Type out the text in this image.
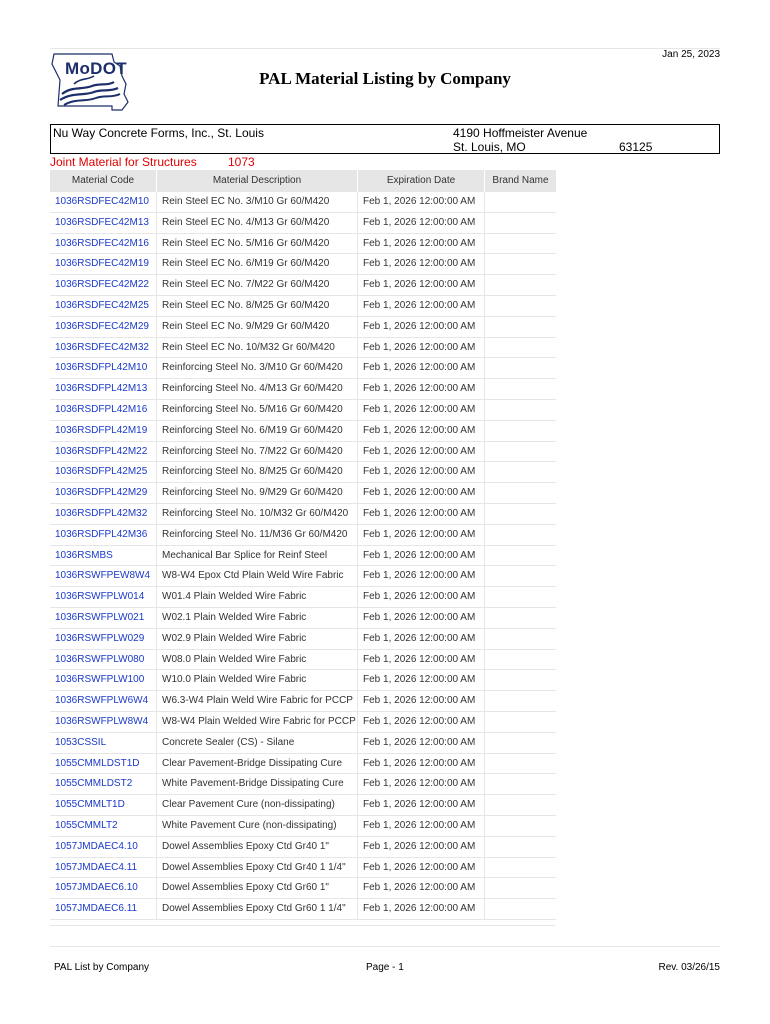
Jan 25, 2023
MoDOT
PAL Material Listing by Company
Nu Way Concrete Forms, Inc., St. Louis	4190 Hoffmeister Avenue
St. Louis, MO	63125
Joint Material for Structures	1073
Material Code	Material Description	Expiration Date	Brand Name
1036RSDFEC42M10	Rein Steel EC No. 3/M10 Gr 60/M420	Feb 1, 2026 12:00:00 AM
1036RSDFEC42M13	Rein Steel EC No. 4/M13 Gr 60/M420	Feb 1, 2026 12:00:00 AM
1036RSDFEC42M16	Rein Steel EC No. 5/M16 Gr 60/M420	Feb 1, 2026 12:00:00 AM
1036RSDFEC42M19	Rein Steel EC No. 6/M19 Gr 60/M420	Feb 1, 2026 12:00:00 AM
1036RSDFEC42M22	Rein Steel EC No. 7/M22 Gr 60/M420	Feb 1, 2026 12:00:00 AM
1036RSDFEC42M25	Rein Steel EC No. 8/M25 Gr 60/M420	Feb 1, 2026 12:00:00 AM
1036RSDFEC42M29	Rein Steel EC No. 9/M29 Gr 60/M420	Feb 1, 2026 12:00:00 AM
1036RSDFEC42M32	Rein Steel EC No. 10/M32 Gr 60/M420	Feb 1, 2026 12:00:00 AM
1036RSDFPL42M10	Reinforcing Steel No. 3/M10 Gr 60/M420	Feb 1, 2026 12:00:00 AM
1036RSDFPL42M13	Reinforcing Steel No. 4/M13 Gr 60/M420	Feb 1, 2026 12:00:00 AM
1036RSDFPL42M16	Reinforcing Steel No. 5/M16 Gr 60/M420	Feb 1, 2026 12:00:00 AM
1036RSDFPL42M19	Reinforcing Steel No. 6/M19 Gr 60/M420	Feb 1, 2026 12:00:00 AM
1036RSDFPL42M22	Reinforcing Steel No. 7/M22 Gr 60/M420	Feb 1, 2026 12:00:00 AM
1036RSDFPL42M25	Reinforcing Steel No. 8/M25 Gr 60/M420	Feb 1, 2026 12:00:00 AM
1036RSDFPL42M29	Reinforcing Steel No. 9/M29 Gr 60/M420	Feb 1, 2026 12:00:00 AM
1036RSDFPL42M32	Reinforcing Steel No. 10/M32 Gr 60/M420	Feb 1, 2026 12:00:00 AM
1036RSDFPL42M36	Reinforcing Steel No. 11/M36 Gr 60/M420	Feb 1, 2026 12:00:00 AM
1036RSMBS	Mechanical Bar Splice for Reinf Steel	Feb 1, 2026 12:00:00 AM
1036RSWFPEW8W4	W8-W4 Epox Ctd Plain Weld Wire Fabric	Feb 1, 2026 12:00:00 AM
1036RSWFPLW014	W01.4 Plain Welded Wire Fabric	Feb 1, 2026 12:00:00 AM
1036RSWFPLW021	W02.1 Plain Welded Wire Fabric	Feb 1, 2026 12:00:00 AM
1036RSWFPLW029	W02.9 Plain Welded Wire Fabric	Feb 1, 2026 12:00:00 AM
1036RSWFPLW080	W08.0 Plain Welded Wire Fabric	Feb 1, 2026 12:00:00 AM
1036RSWFPLW100	W10.0 Plain Welded Wire Fabric	Feb 1, 2026 12:00:00 AM
1036RSWFPLW6W4	W6.3-W4 Plain Weld Wire Fabric for PCCP	Feb 1, 2026 12:00:00 AM
1036RSWFPLW8W4	W8-W4 Plain Welded Wire Fabric for PCCP Feb 1, 2026 12:00:00 AM
1053CSSIL	Concrete Sealer (CS) - Silane	Feb 1, 2026 12:00:00 AM
1055CMMLDST1D	Clear Pavement-Bridge Dissipating Cure	Feb 1, 2026 12:00:00 AM
1055CMMLDST2	White Pavement-Bridge Dissipating Cure	Feb 1, 2026 12:00:00 AM
1055CMMLT1D	Clear Pavement Cure (non-dissipating)	Feb 1, 2026 12:00:00 AM
1055CMMLT2	White Pavement Cure (non-dissipating)	Feb 1, 2026 12:00:00 AM
1057JMDAEC4.10	Dowel Assemblies Epoxy Ctd Gr40 1"	Feb 1, 2026 12:00:00 AM
1057JMDAEC4.11	Dowel Assemblies Epoxy Ctd Gr40 1 1/4"	Feb 1, 2026 12:00:00 AM
1057JMDAEC6.10	Dowel Assemblies Epoxy Ctd Gr60 1"	Feb 1, 2026 12:00:00 AM
1057JMDAEC6.11	Dowel Assemblies Epoxy Ctd Gr60 1 1/4"	Feb 1, 2026 12:00:00 AM
PAL List by Company	Page - 1	Rev. 03/26/15
